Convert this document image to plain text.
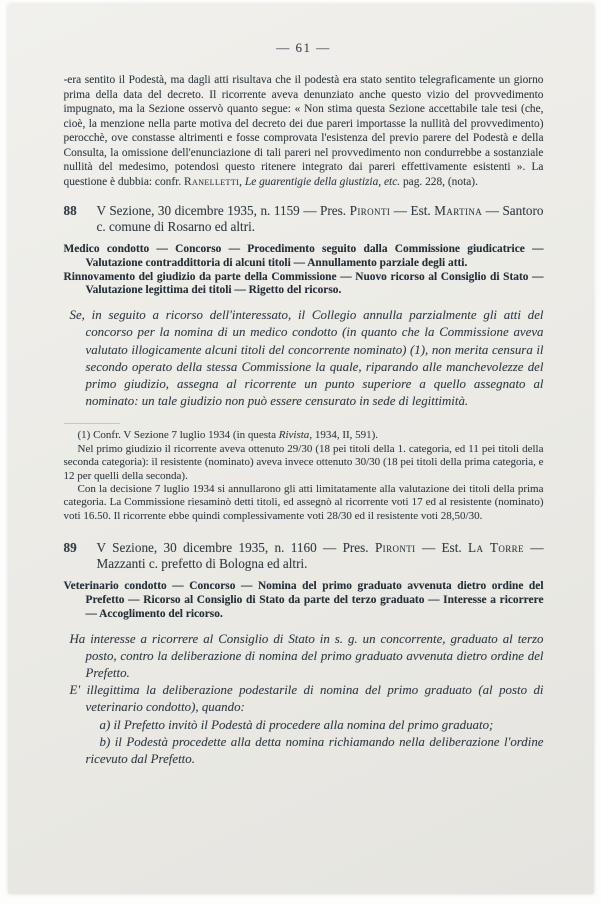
— 61 —
-era sentito il Podestà, ma dagli atti risultava che il podestà era stato sentito telegraficamente un giorno prima della data del decreto. Il ricorrente aveva denunziato anche questo vizio del provvedimento impugnato, ma la Sezione osservò quanto segue: « Non stima questa Sezione accettabile tale tesi (che, cioè, la menzione nella parte motiva del decreto dei due pareri importasse la nullità del provvedimento) perocchè, ove constasse altrimenti e fosse comprovata l'esistenza del previo parere del Podestà e della Consulta, la omissione dell'enunciazione di tali pareri nel provvedimento non condurrebbe a sostanziale nullità del medesimo, potendosi questo ritenere integrato dai pareri effettivamente esistenti ». La questione è dubbia: confr. Ranelletti, Le guarentigie della giustizia, etc. pag. 228, (nota).
88 V Sezione, 30 dicembre 1935, n. 1159 — Pres. Pironti — Est. Martina — Santoro c. comune di Rosarno ed altri.

Medico condotto — Concorso — Procedimento seguito dalla Commissione giudicatrice — Valutazione contraddittoria di alcuni titoli — Annullamento parziale degli atti.

Rinnovamento del giudizio da parte della Commissione — Nuovo ricorso al Consiglio di Stato — Valutazione legittima dei titoli — Rigetto del ricorso.

Se, in seguito a ricorso dell'interessato, il Collegio annulla parzialmente gli atti del concorso per la nomina di un medico condotto (in quanto che la Commissione aveva valutato illogicamente alcuni titoli del concorrente nominato) (1), non merita censura il secondo operato della stessa Commissione la quale, riparando alle manchevolezze del primo giudizio, assegna al ricorrente un punto superiore a quello assegnato al nominato: un tale giudizio non può essere censurato in sede di legittimità.

(1) Confr. V Sezione 7 luglio 1934 (in questa Rivista, 1934, II, 591).

Nel primo giudizio il ricorrente aveva ottenuto 29/30 (18 pei titoli della 1. categoria, ed 11 pei titoli della seconda categoria): il resistente (nominato) aveva invece ottenuto 30/30 (18 pei titoli della prima categoria, e 12 per quelli della seconda).

Con la decisione 7 luglio 1934 si annullarono gli atti limitatamente alla valutazione dei titoli della prima categoria. La Commissione riesaminò detti titoli, ed assegnò al ricorrente voti 17 ed al resistente (nominato) voti 16.50. Il ricorrente ebbe quindi complessivamente voti 28/30 ed il resistente voti 28,50/30.

89 V Sezione, 30 dicembre 1935, n. 1160 — Pres. Pironti — Est. La Torre — Mazzanti c. prefetto di Bologna ed altri.

Veterinario condotto — Concorso — Nomina del primo graduato avvenuta dietro ordine del Prefetto — Ricorso al Consiglio di Stato da parte del terzo graduato — Interesse a ricorrere — Accoglimento del ricorso.

Ha interesse a ricorrere al Consiglio di Stato in s. g. un concorrente, graduato al terzo posto, contro la deliberazione di nomina del primo graduato avvenuta dietro ordine del Prefetto.

E' illegittima la deliberazione podestarile di nomina del primo graduato (al posto di veterinario condotto), quando:

a) il Prefetto invitò il Podestà di procedere alla nomina del primo graduato;

b) il Podestà procedette alla detta nomina richiamando nella deliberazione l'ordine ricevuto dal Prefetto.
